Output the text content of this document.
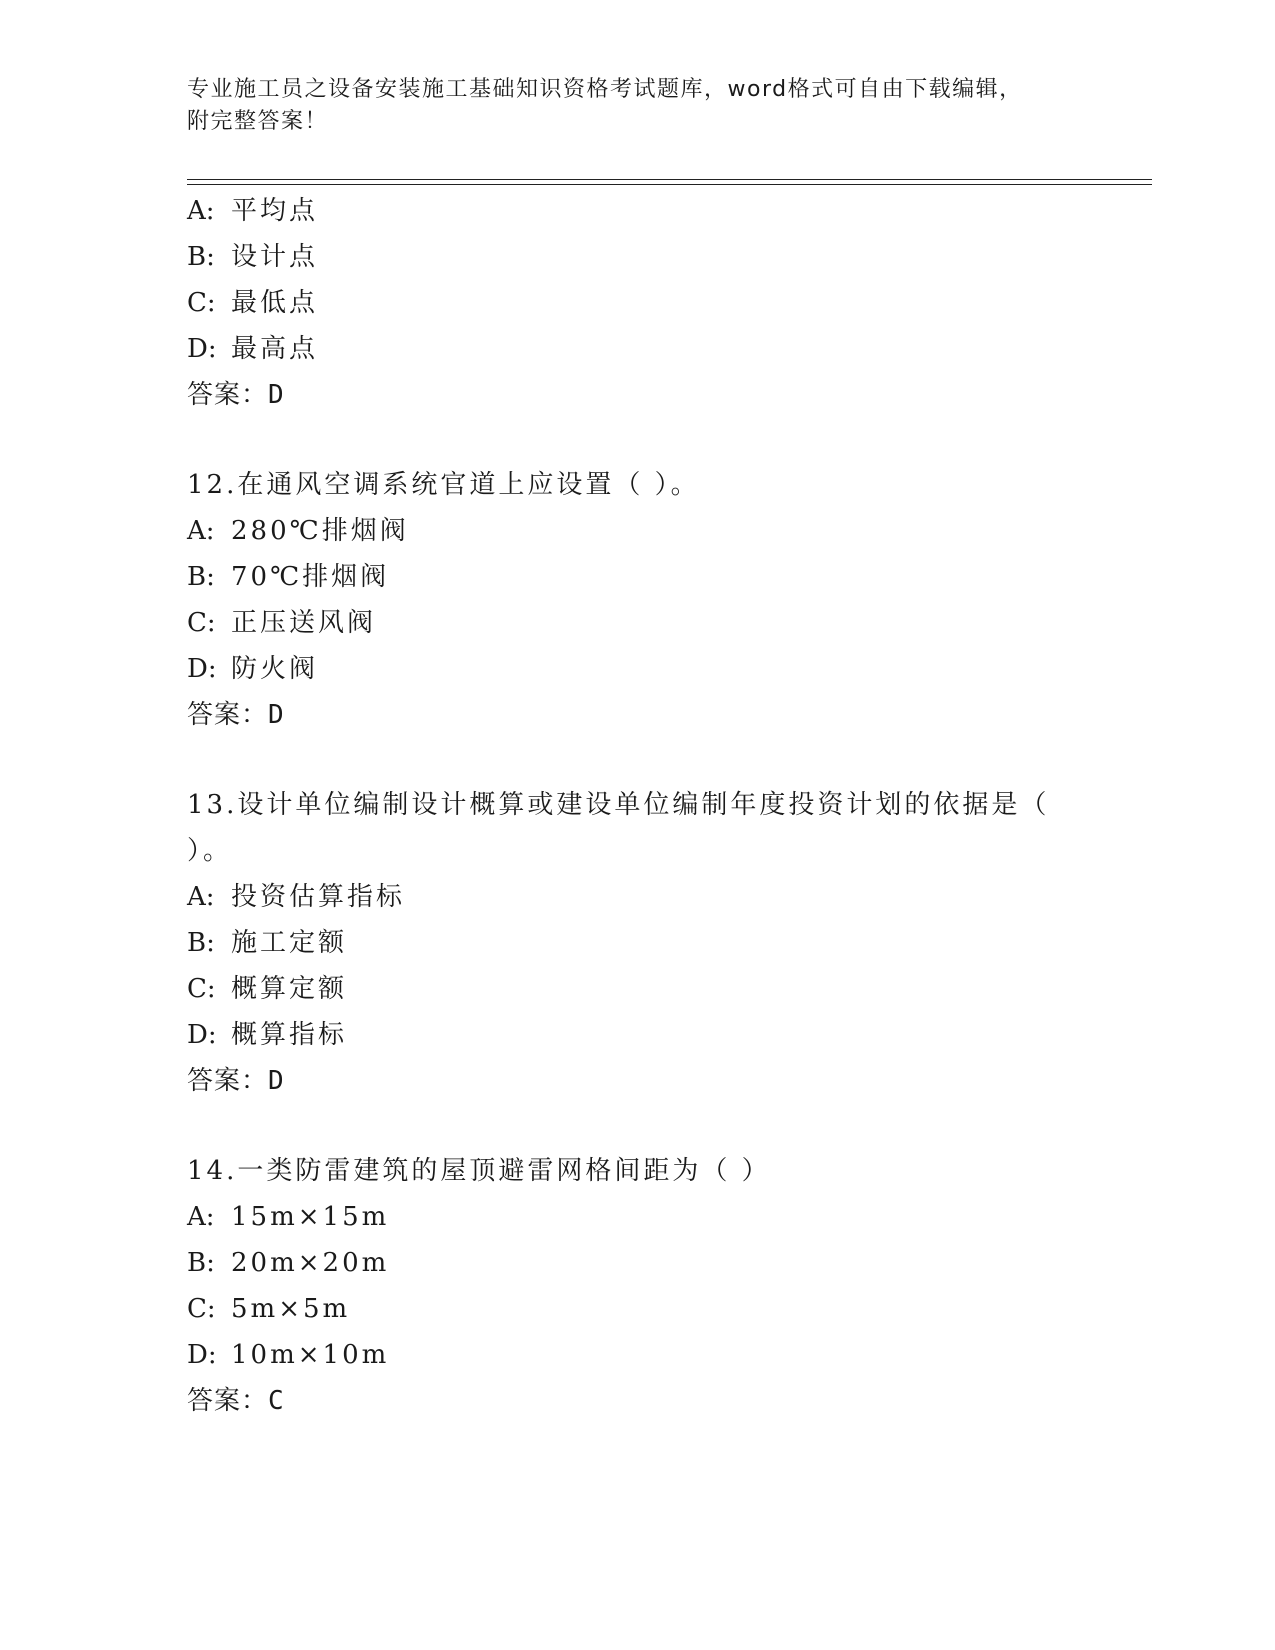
专业施工员之设备安装施工基础知识资格考试题库，word格式可自由下载编辑，
附完整答案！
A: 平均点
B: 设计点
C: 最低点
D: 最高点
答案：D
12.在通风空调系统官道上应设置（ ）。
A: 280℃排烟阀
B: 70℃排烟阀
C: 正压送风阀
D: 防火阀
答案：D
13.设计单位编制设计概算或建设单位编制年度投资计划的依据是（
）。
A: 投资估算指标
B: 施工定额
C: 概算定额
D: 概算指标
答案：D
14.一类防雷建筑的屋顶避雷网格间距为（ ）
A: 15m×15m
B: 20m×20m
C: 5m×5m
D: 10m×10m
答案：C
